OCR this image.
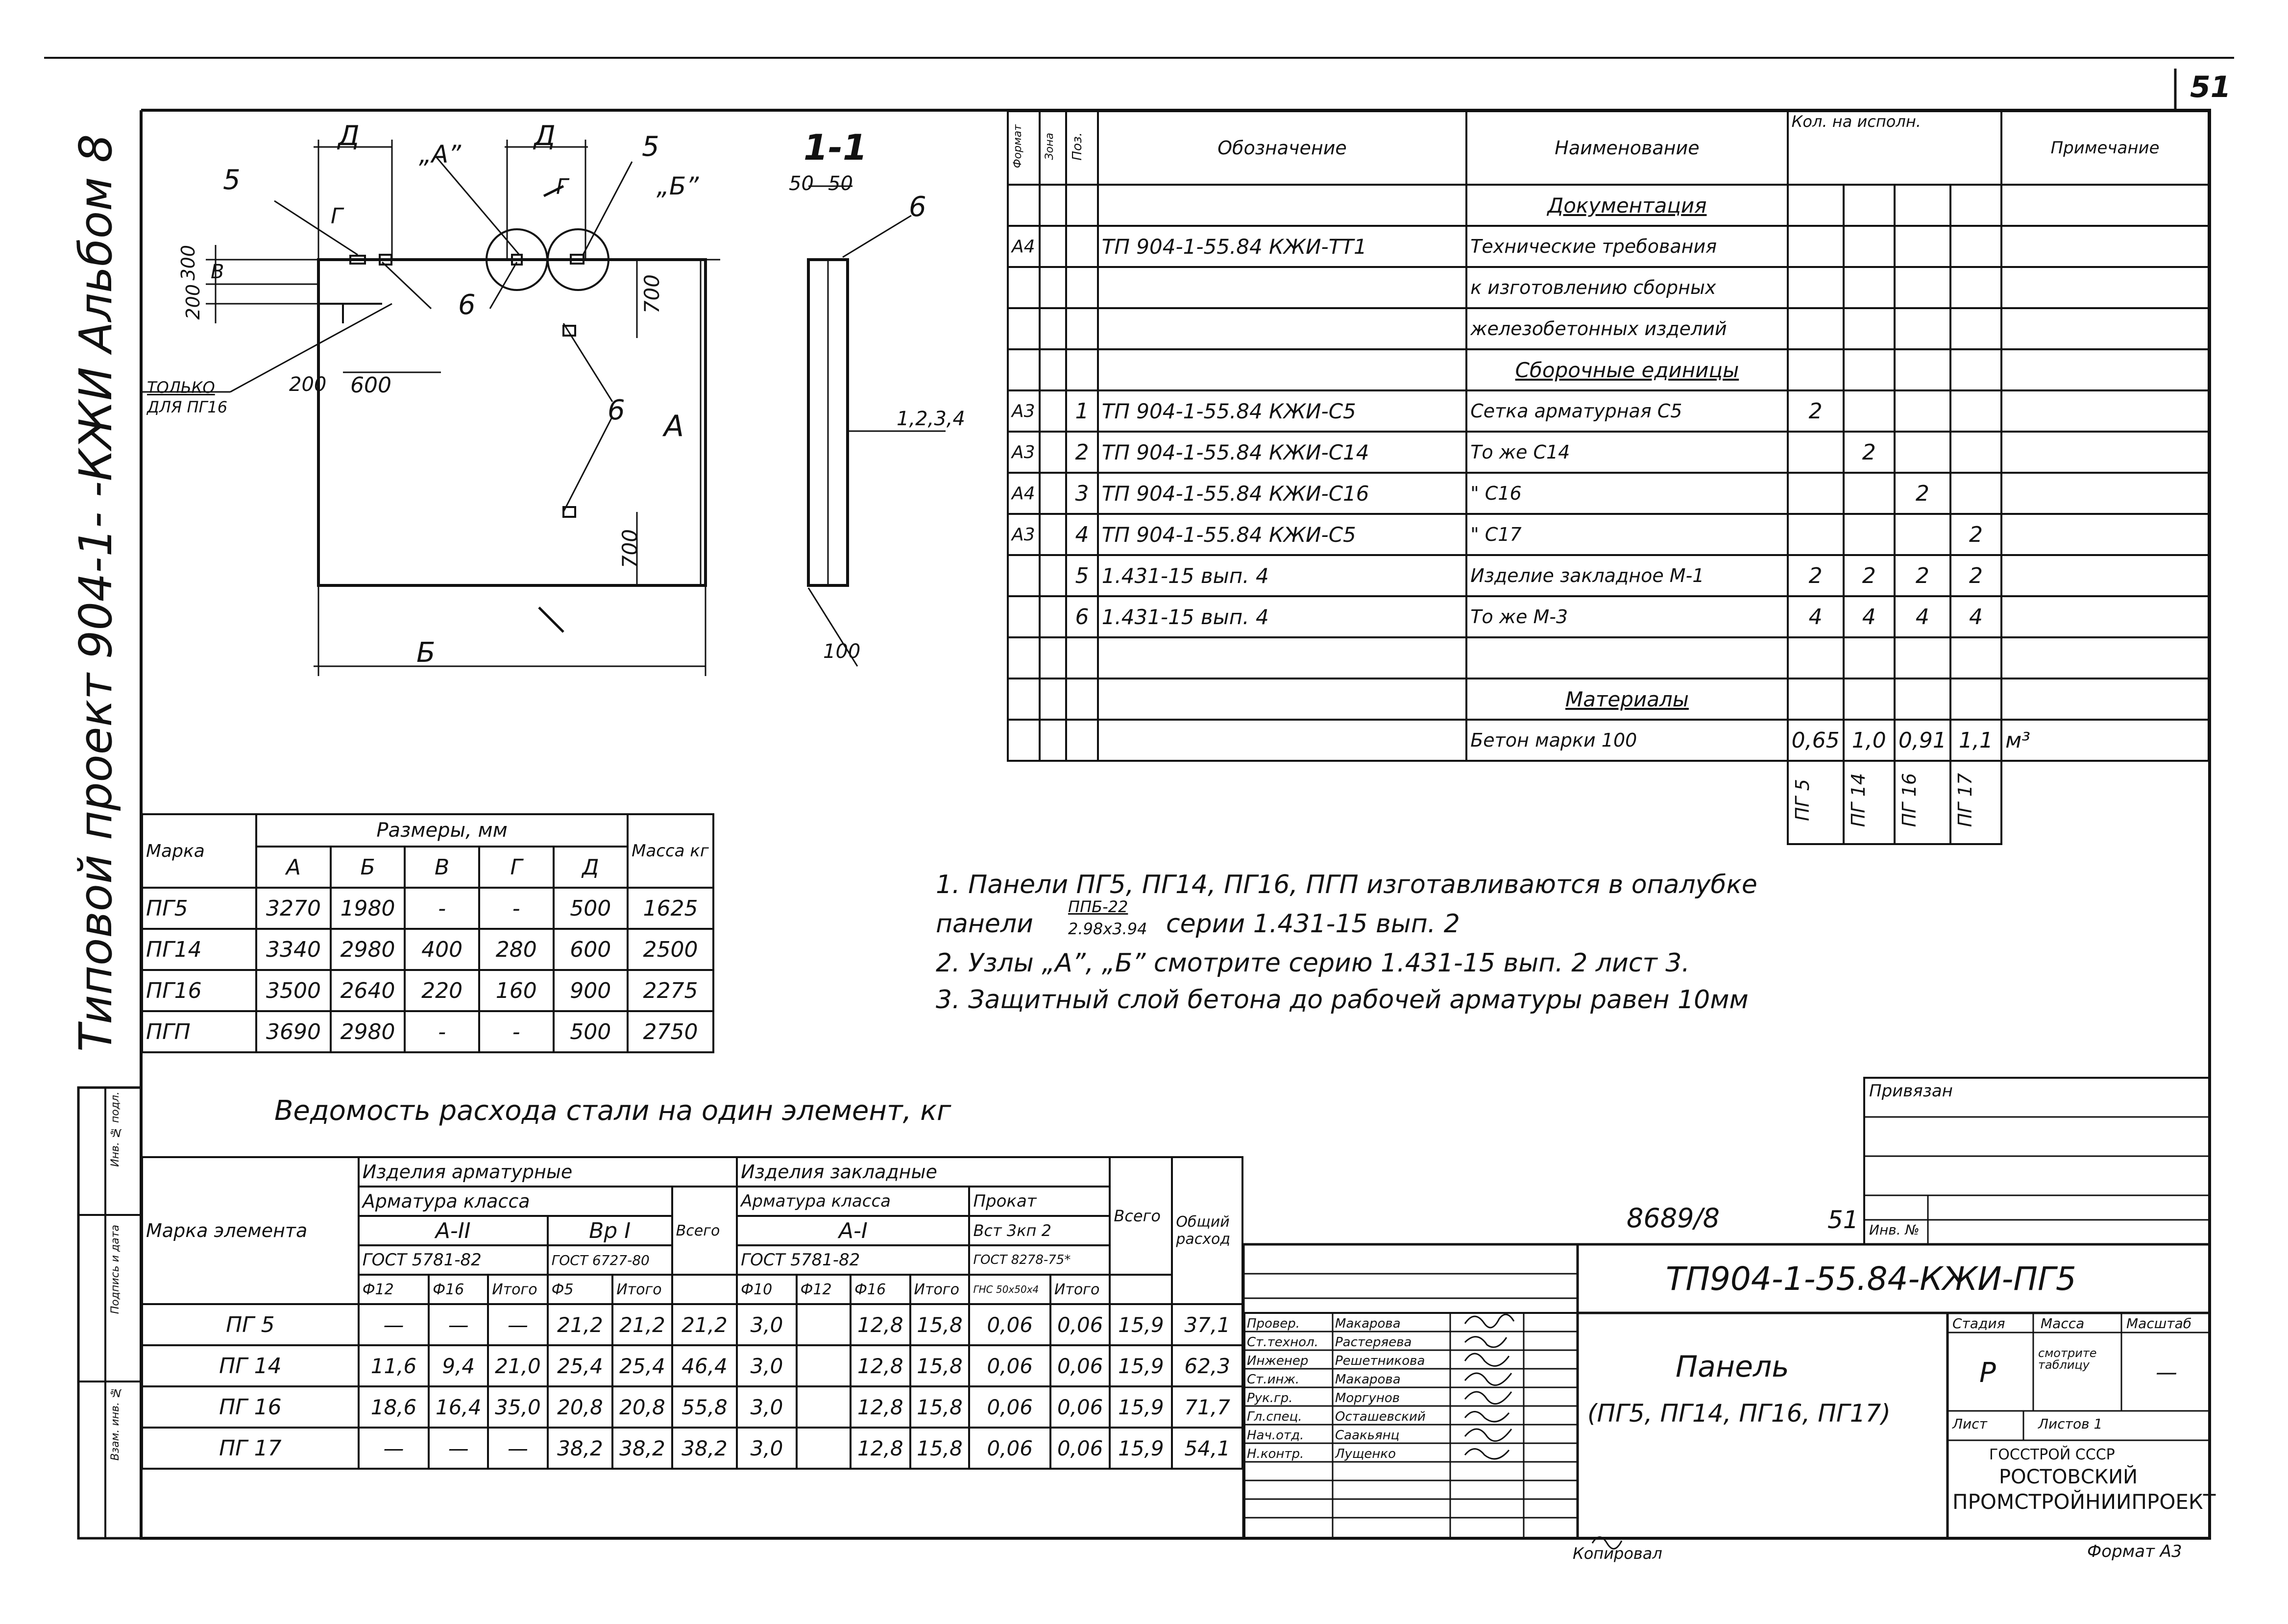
51
Типовой проект 904-1- -КЖИ Альбом 8
Инв. № подл.
Подпись и дата
Взам. инв. №
Д	Д
5
5
„А”
„Б”
Г
Г
В
300
200
200 600
6
6
700
700
A
Б
ТОЛЬКО
ДЛЯ ПГ16
1-1
50 50
6
1,2,3,4
100
Формат	Зона	Поз.	Обозначение	Наименование	Кол. на исполн.				Примечание
				Документация					
А4			ТП 904-1-55.84 КЖИ-ТТ1	Технические требования					
				к изготовлению сборных					
				железобетонных изделий					
				Сборочные единицы					
А3		1	ТП 904-1-55.84 КЖИ-С5	Сетка арматурная С5	2				
А3		2	ТП 904-1-55.84 КЖИ-С14	То же С14		2			
А4		3	ТП 904-1-55.84 КЖИ-С16	" С16			2		
А3		4	ТП 904-1-55.84 КЖИ-С5	" С17				2	
		5	1.431-15 вып. 4	Изделие закладное М-1	2	2	2	2	
		6	1.431-15 вып. 4	То же М-3	4	4	4	4	

				Материалы					
				Бетон марки 100	0,65	1,0	0,91	1,1	м³
					ПГ 5	ПГ 14	ПГ 16	ПГ 17	
Марка	Размеры, мм					Масса кг
	А	Б	В	Г	Д	
ПГ5	3270	1980	-	-	500	1625
ПГ14	3340	2980	400	280	600	2500
ПГ16	3500	2640	220	160	900	2275
ПГП	3690	2980	-	-	500	2750
1. Панели ПГ5, ПГ14, ПГ16, ПГП изготавливаются в опалубке
панели
ППБ-22
2.98х3.94 серии 1.431-15 вып. 2
2. Узлы „А”, „Б” смотрите серию 1.431-15 вып. 2 лист 3.
3. Защитный слой бетона до рабочей арматуры равен 10мм
Ведомость расхода стали на один элемент, кг
Марка элемента	Изделия арматурные						Изделия закладные						Всего	Общий расход
	Арматура класса					Всего	Арматура класса				Прокат			
	А-II			Вр I			А-I				Вст 3кп 2			
	ГОСТ 5781-82			ГОСТ 6727-80			ГОСТ 5781-82				ГОСТ 8278-75*			
	Ф12	Ф16	Итого	Ф5	Итого		Ф10	Ф12	Ф16	Итого	ГНС 50х50х4	Итого		
ПГ 5	—	—	—	21,2	21,2	21,2	3,0		12,8	15,8	0,06	0,06	15,9	37,1
ПГ 14	11,6	9,4	21,0	25,4	25,4	46,4	3,0		12,8	15,8	0,06	0,06	15,9	62,3
ПГ 16	18,6	16,4	35,0	20,8	20,8	55,8	3,0		12,8	15,8	0,06	0,06	15,9	71,7
ПГ 17	—	—	—	38,2	38,2	38,2	3,0		12,8	15,8	0,06	0,06	15,9	54,1
Привязан
Инв. №
8689/8	51
ТП904-1-55.84-КЖИ-ПГ5
Панель
(ПГ5, ПГ14, ПГ16, ПГ17)
Стадия	Масса	Масштаб
Р
смотрите таблицу	—
Лист	Листов 1
ГОССТРОЙ СССР
РОСТОВСКИЙ
ПРОМСТРОЙНИИПРОЕКТ
Провер.	Макарова
Ст.технол. Растеряева
Инженер Решетникова
Ст.инж.	Макарова
Рук.гр.	Моргунов
Гл.спец.	Осташевский
Нач.отд. Саакьянц
Н.контр. Лущенко
Копировал	Формат А3
